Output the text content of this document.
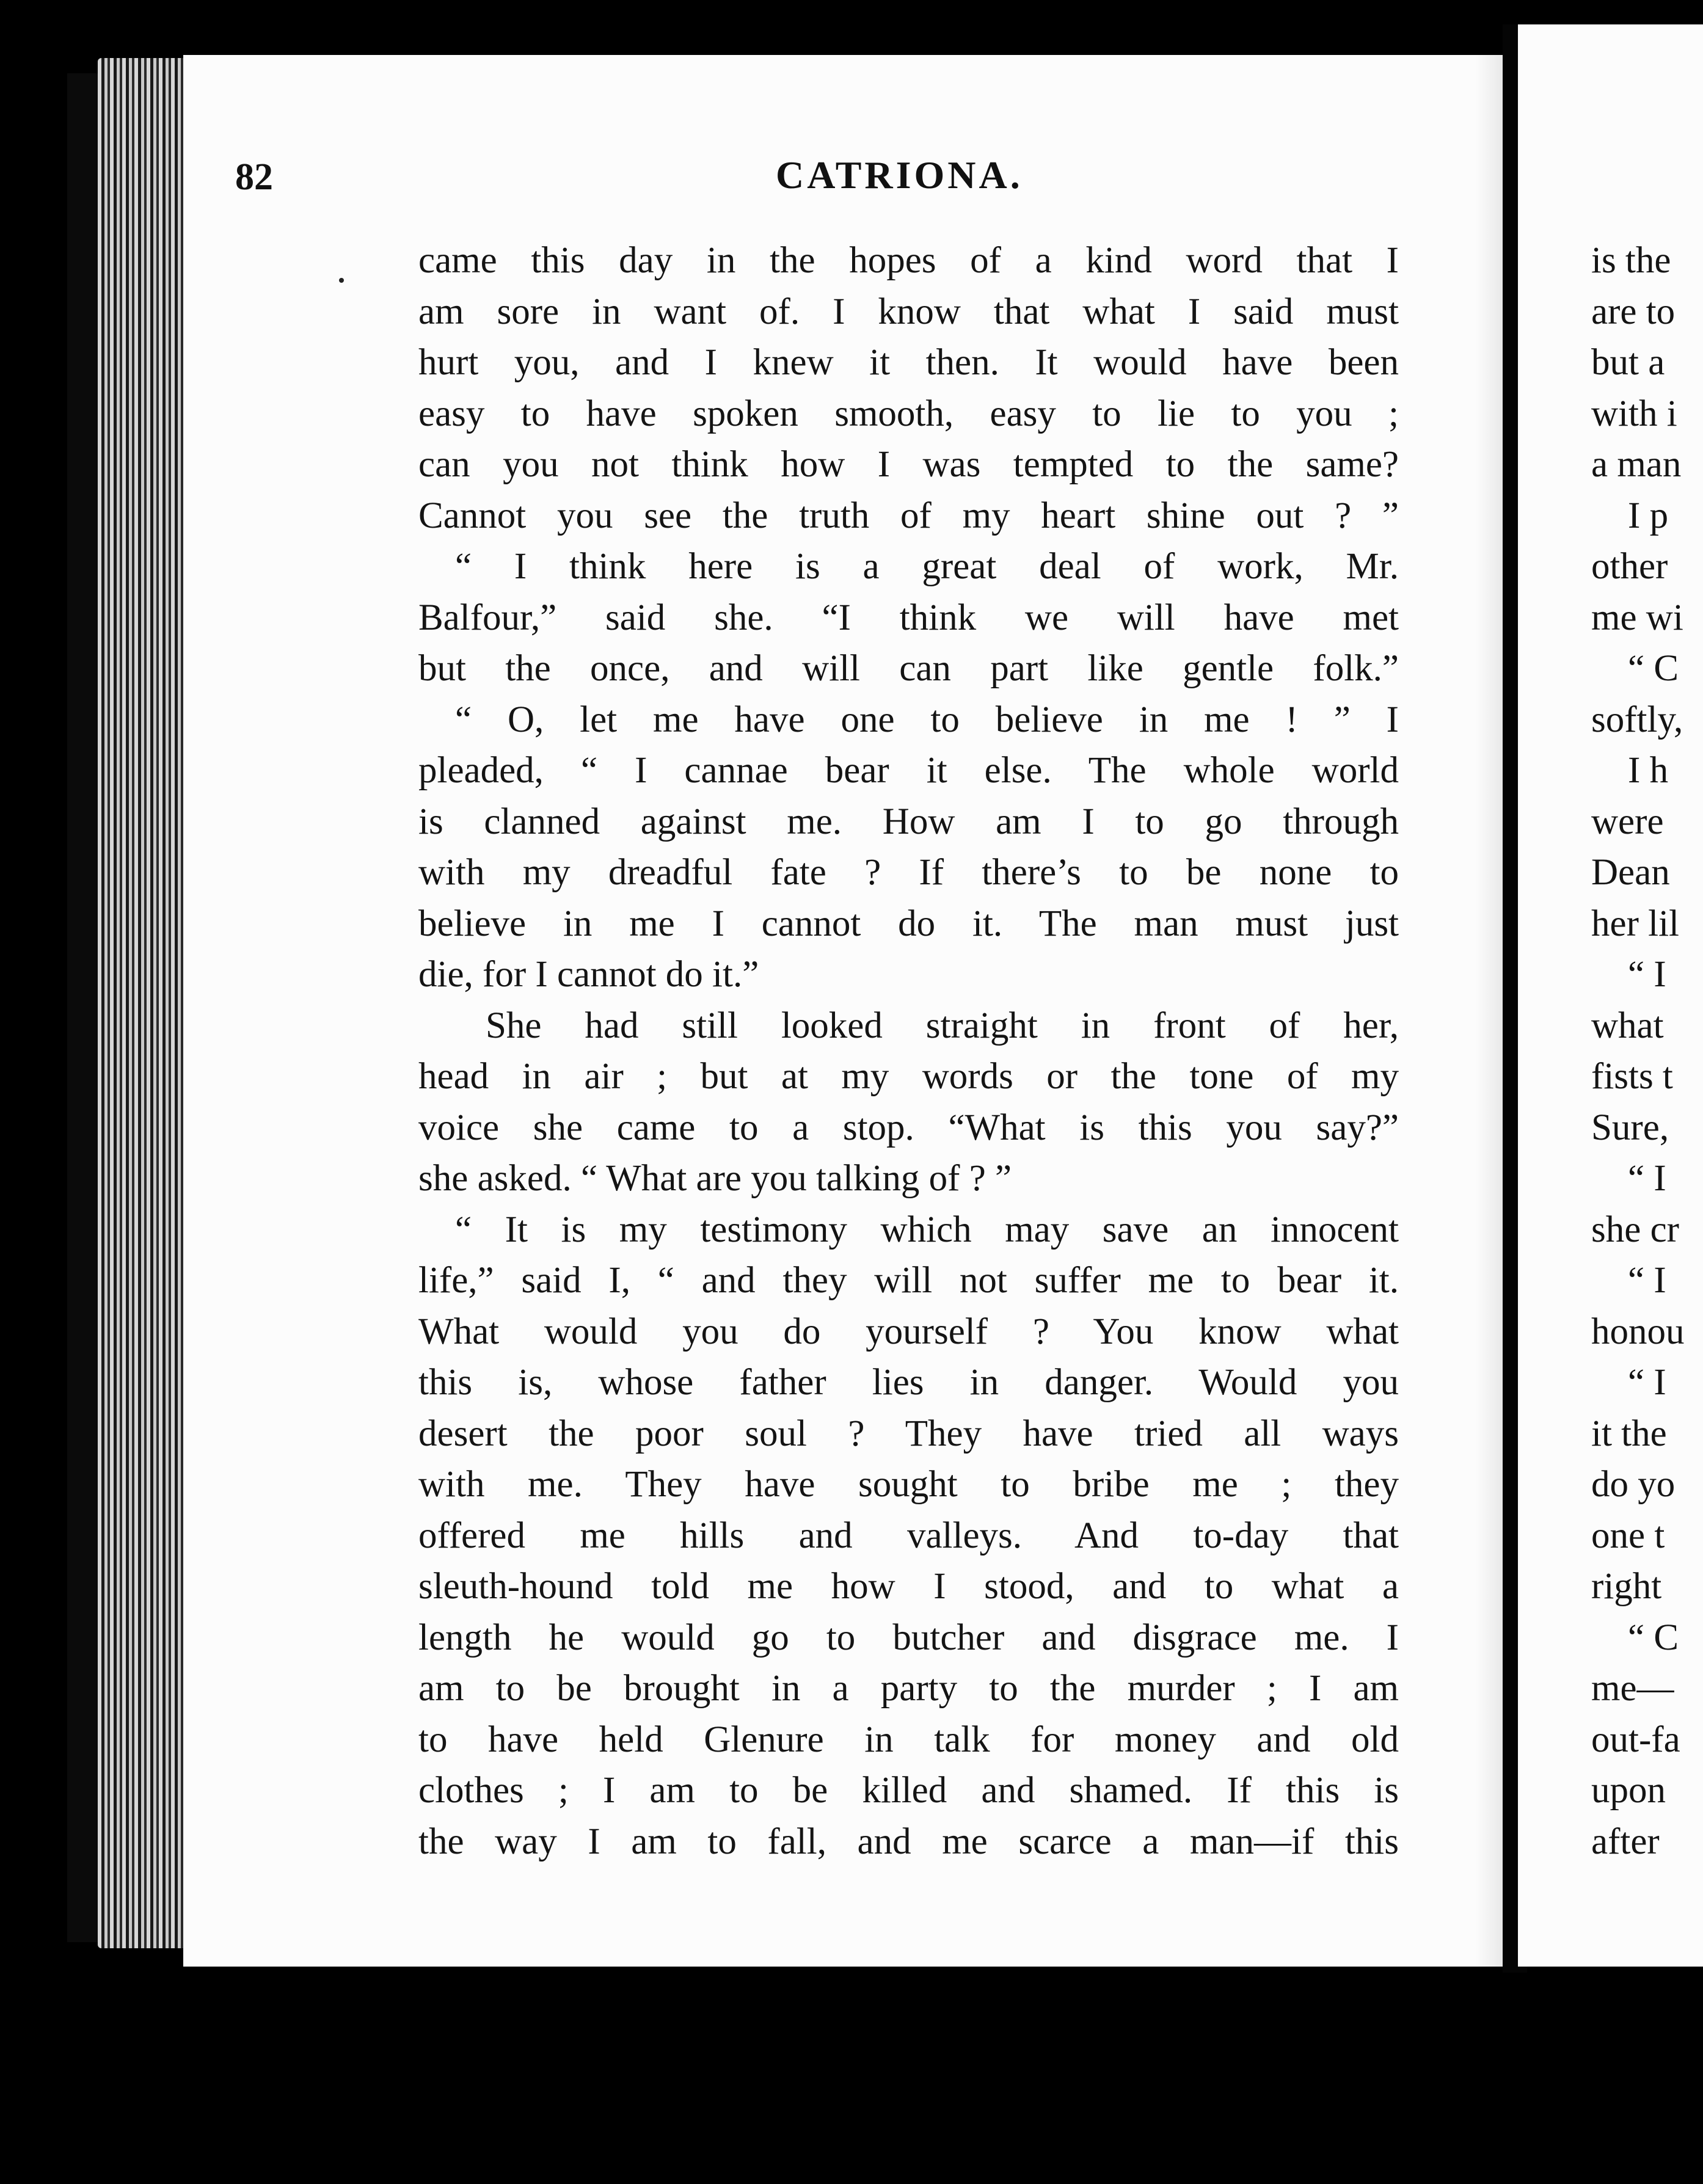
82	CATRIONA.
came this day in the hopes of a kind word that I
am sore in want of. I know that what I said must
hurt you, and I knew it then. It would have been
easy to have spoken smooth, easy to lie to you ;
can you not think how I was tempted to the same?
Cannot you see the truth of my heart shine out ? ”
“ I think here is a great deal of work, Mr.
Balfour,” said she. “I think we will have met
but the once, and will can part like gentle folk.”
“ O, let me have one to believe in me ! ” I
pleaded, “ I cannae bear it else. The whole world
is clanned against me. How am I to go through
with my dreadful fate ? If there’s to be none to
believe in me I cannot do it. The man must just
die, for I cannot do it.”
She had still looked straight in front of her,
head in air ; but at my words or the tone of my
voice she came to a stop. “What is this you say?”
she asked. “ What are you talking of ? ”
“ It is my testimony which may save an innocent
life,” said I, “ and they will not suffer me to bear it.
What would you do yourself ? You know what
this is, whose father lies in danger. Would you
desert the poor soul ? They have tried all ways
with me. They have sought to bribe me ; they
offered me hills and valleys. And to-day that
sleuth-hound told me how I stood, and to what a
length he would go to butcher and disgrace me. I
am to be brought in a party to the murder ; I am
to have held Glenure in talk for money and old
clothes ; I am to be killed and shamed. If this is
the way I am to fall, and me scarce a man—if this
is the
are to
but a
with i
a man
I p
other
me wi
“ C
softly,
I h
were
Dean
her lil
“ I
what
fists t
Sure,
“ I
she cr
“ I
honou
“ I
it the
do yo
one t
right
“ C
me—
out-fa
upon
after
